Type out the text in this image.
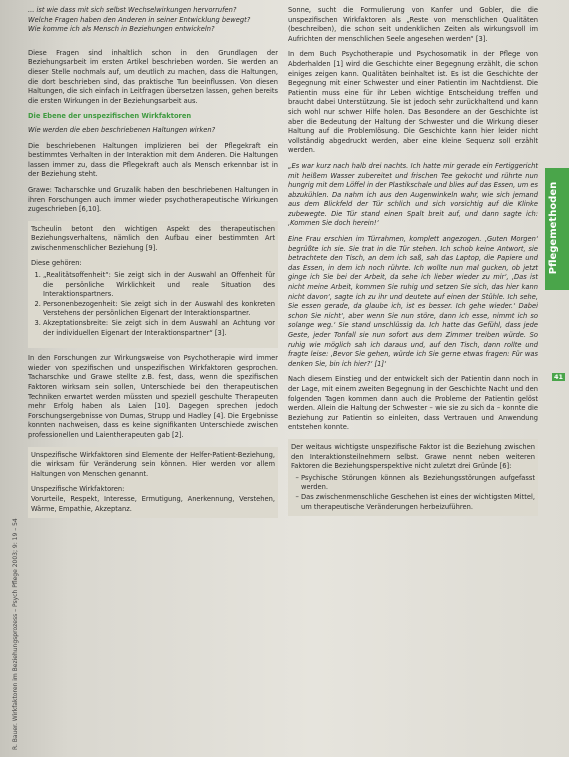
... ist wie dass mit sich selbst Wechselwirkungen hervorrufen?

Welche Fragen haben den Anderen in seiner Entwicklung bewegt?

Wie komme ich als Mensch in Beziehungen entwickeln?

Diese Fragen sind inhaltlich schon in den Grundlagen der Beziehungsarbeit im ersten Artikel beschrieben worden. Sie werden an dieser Stelle nochmals auf, um deutlich zu machen, dass die Haltungen, die dort beschrieben sind, das praktische Tun beeinflussen. Von diesen Haltungen, die sich einfach in Leitfragen übersetzen lassen, gehen bereits die ersten Wirkungen in der Beziehungsarbeit aus.

Die Ebene der unspezifischen Wirkfaktoren

Wie werden die eben beschriebenen Haltungen wirken?

Die beschriebenen Haltungen implizieren bei der Pflegekraft ein bestimmtes Verhalten in der Interaktion mit dem Anderen. Die Haltungen lassen immer zu, dass die Pflegekraft auch als Mensch erkennbar ist in der Beziehung steht.

Grawe: Tacharschke und Gruzalik haben den beschriebenen Haltungen in ihren Forschungen auch immer wieder psychotherapeutische Wirkungen zugeschrieben [6,10].

Tscheulin betont den wichtigen Aspekt des therapeutischen Beziehungsverhaltens, nämlich den Aufbau einer bestimmten Art zwischenmenschlicher Beziehung [9].

Diese gehören:

1. „Realitätsoffenheit“: Sie zeigt sich in der Auswahl an Offenheit für die persönliche Wirklichkeit und reale Situation des Interaktionspartners.
2. Personenbezogenheit: Sie zeigt sich in der Auswahl des konkreten Verstehens der persönlichen Eigenart der Interaktionspartner.
3. Akzeptationsbreite: Sie zeigt sich in dem Auswahl an Achtung vor der individuellen Eigenart der Interaktionspartner“ [3].

In den Forschungen zur Wirkungsweise von Psychotherapie wird immer wieder von spezifischen und unspezifischen Wirkfaktoren gesprochen. Tacharschke und Grawe stellte z.B. fest, dass, wenn die spezifischen Faktoren wirksam sein sollen, Unterschiede bei den therapeutischen Techniken erwartet werden müssten und speziell geschulte Therapeuten mehr Erfolg haben als Laien [10]. Dagegen sprechen jedoch Forschungsergebnisse von Dumas, Strupp und Hadley [4]. Die Ergebnisse konnten nachweisen, dass es keine signifikanten Unterschiede zwischen professionellen und Laientherapeuten gab [2].

Unspezifische Wirkfaktoren sind Elemente der Helfer-Patient-Beziehung, die wirksam für Veränderung sein können. Hier werden vor allem Haltungen von Menschen genannt.

Unspezifische Wirkfaktoren:

Vorurteile, Respekt, Interesse, Ermutigung, Anerkennung, Verstehen, Wärme, Empathie, Akzeptanz.

Sonne, sucht die Formulierung von Kanfer und Gobler, die die unspezifischen Wirkfaktoren als „Reste von menschlichen Qualitäten (beschreiben), die schon seit undenklichen Zeiten als wirkungsvoll im Aufrichten der menschlichen Seele angesehen werden“ [3].

In dem Buch Psychotherapie und Psychosomatik in der Pflege von Abderhalden [1] wird die Geschichte einer Begegnung erzählt, die schon einiges zeigen kann. Qualitäten beinhaltet ist. Es ist die Geschichte der Begegnung mit einer Schwester und einer Patientin im Nachtdienst. Die Patientin muss eine für ihr Leben wichtige Entscheidung treffen und braucht dabei Unterstützung. Sie ist jedoch sehr zurückhaltend und kann sich wohl nur schwer Hilfe holen. Das Besondere an der Geschichte ist aber die Bedeutung der Haltung der Schwester und die Wirkung dieser Haltung auf die Problemlösung. Die Geschichte kann hier leider nicht vollständig abgedruckt werden, aber eine kleine Sequenz soll erzählt werden.

„Es war kurz nach halb drei nachts. Ich hatte mir gerade ein Fertiggericht mit heißem Wasser zubereitet und frischen Tee gekocht und rührte nun hungrig mit dem Löffel in der Plastikschale und blies auf das Essen, um es abzukühlen. Da nahm ich aus den Augenwinkeln wahr, wie sich jemand aus dem Blickfeld der Tür schlich und sich vorsichtig auf die Klinke zubewegte. Die Tür stand einen Spalt breit auf, und dann sagte ich: ‚Kommen Sie doch herein!‘

Eine Frau erschien im Türrahmen, komplett angezogen. ‚Guten Morgen‘ begrüßte ich sie. Sie trat in die Tür stehen. Ich schob keine Antwort, sie betrachtete den Tisch, an dem ich saß, sah das Laptop, die Papiere und das Essen, in dem ich noch rührte. Ich wollte nun mal gucken, ob jetzt ginge ich Sie bei der Arbeit, da sehe ich lieber wieder zu mir‘, ‚Das ist nicht meine Arbeit, kommen Sie ruhig und setzen Sie sich, das hier kann nicht davon‘, sagte ich zu ihr und deutete auf einen der Stühle. Ich sehe, Sie essen gerade, da glaube ich, ist es besser. Ich gehe wieder.‘ Dabei schon Sie nicht‘, aber wenn Sie nun störe, dann ich esse, nimmt ich so solange weg.‘ Sie stand unschlüssig da. Ich hatte das Gefühl, dass jede Geste, jeder Tonfall sie nun sofort aus dem Zimmer treiben würde. So ruhig wie möglich sah ich daraus und, auf den Tisch, dann rollte und fragte leise: ‚Bevor Sie gehen, würde ich Sie gerne etwas fragen: Für was denken Sie, bin ich hier?‘ [1]‘

Nach diesem Einstieg und der entwickelt sich der Patientin dann noch in der Lage, mit einem zweiten Begegnung in der Geschichte Nacht und den folgenden Tagen kommen dann auch die Probleme der Patientin gelöst werden. Allein die Haltung der Schwester – wie sie zu sich da – konnte die Beziehung zur Patientin so einleiten, dass Vertrauen und Anwendung entstehen konnte.

Der weitaus wichtigste unspezifische Faktor ist die Beziehung zwischen den Interaktionsteilnehmern selbst. Grawe nennt neben weiteren Faktoren die Beziehungsperspektive nicht zuletzt drei Gründe [6]:

– Psychische Störungen können als Beziehungsstörungen aufgefasst werden.
– Das zwischenmenschliche Geschehen ist eines der wichtigsten Mittel, um therapeutische Veränderungen herbeizuführen.
Pflegemethoden
41
R. Bauer. Wirkfaktoren im Beziehungsprozess – Psych Pflege 2003; 9: 19 – 54
